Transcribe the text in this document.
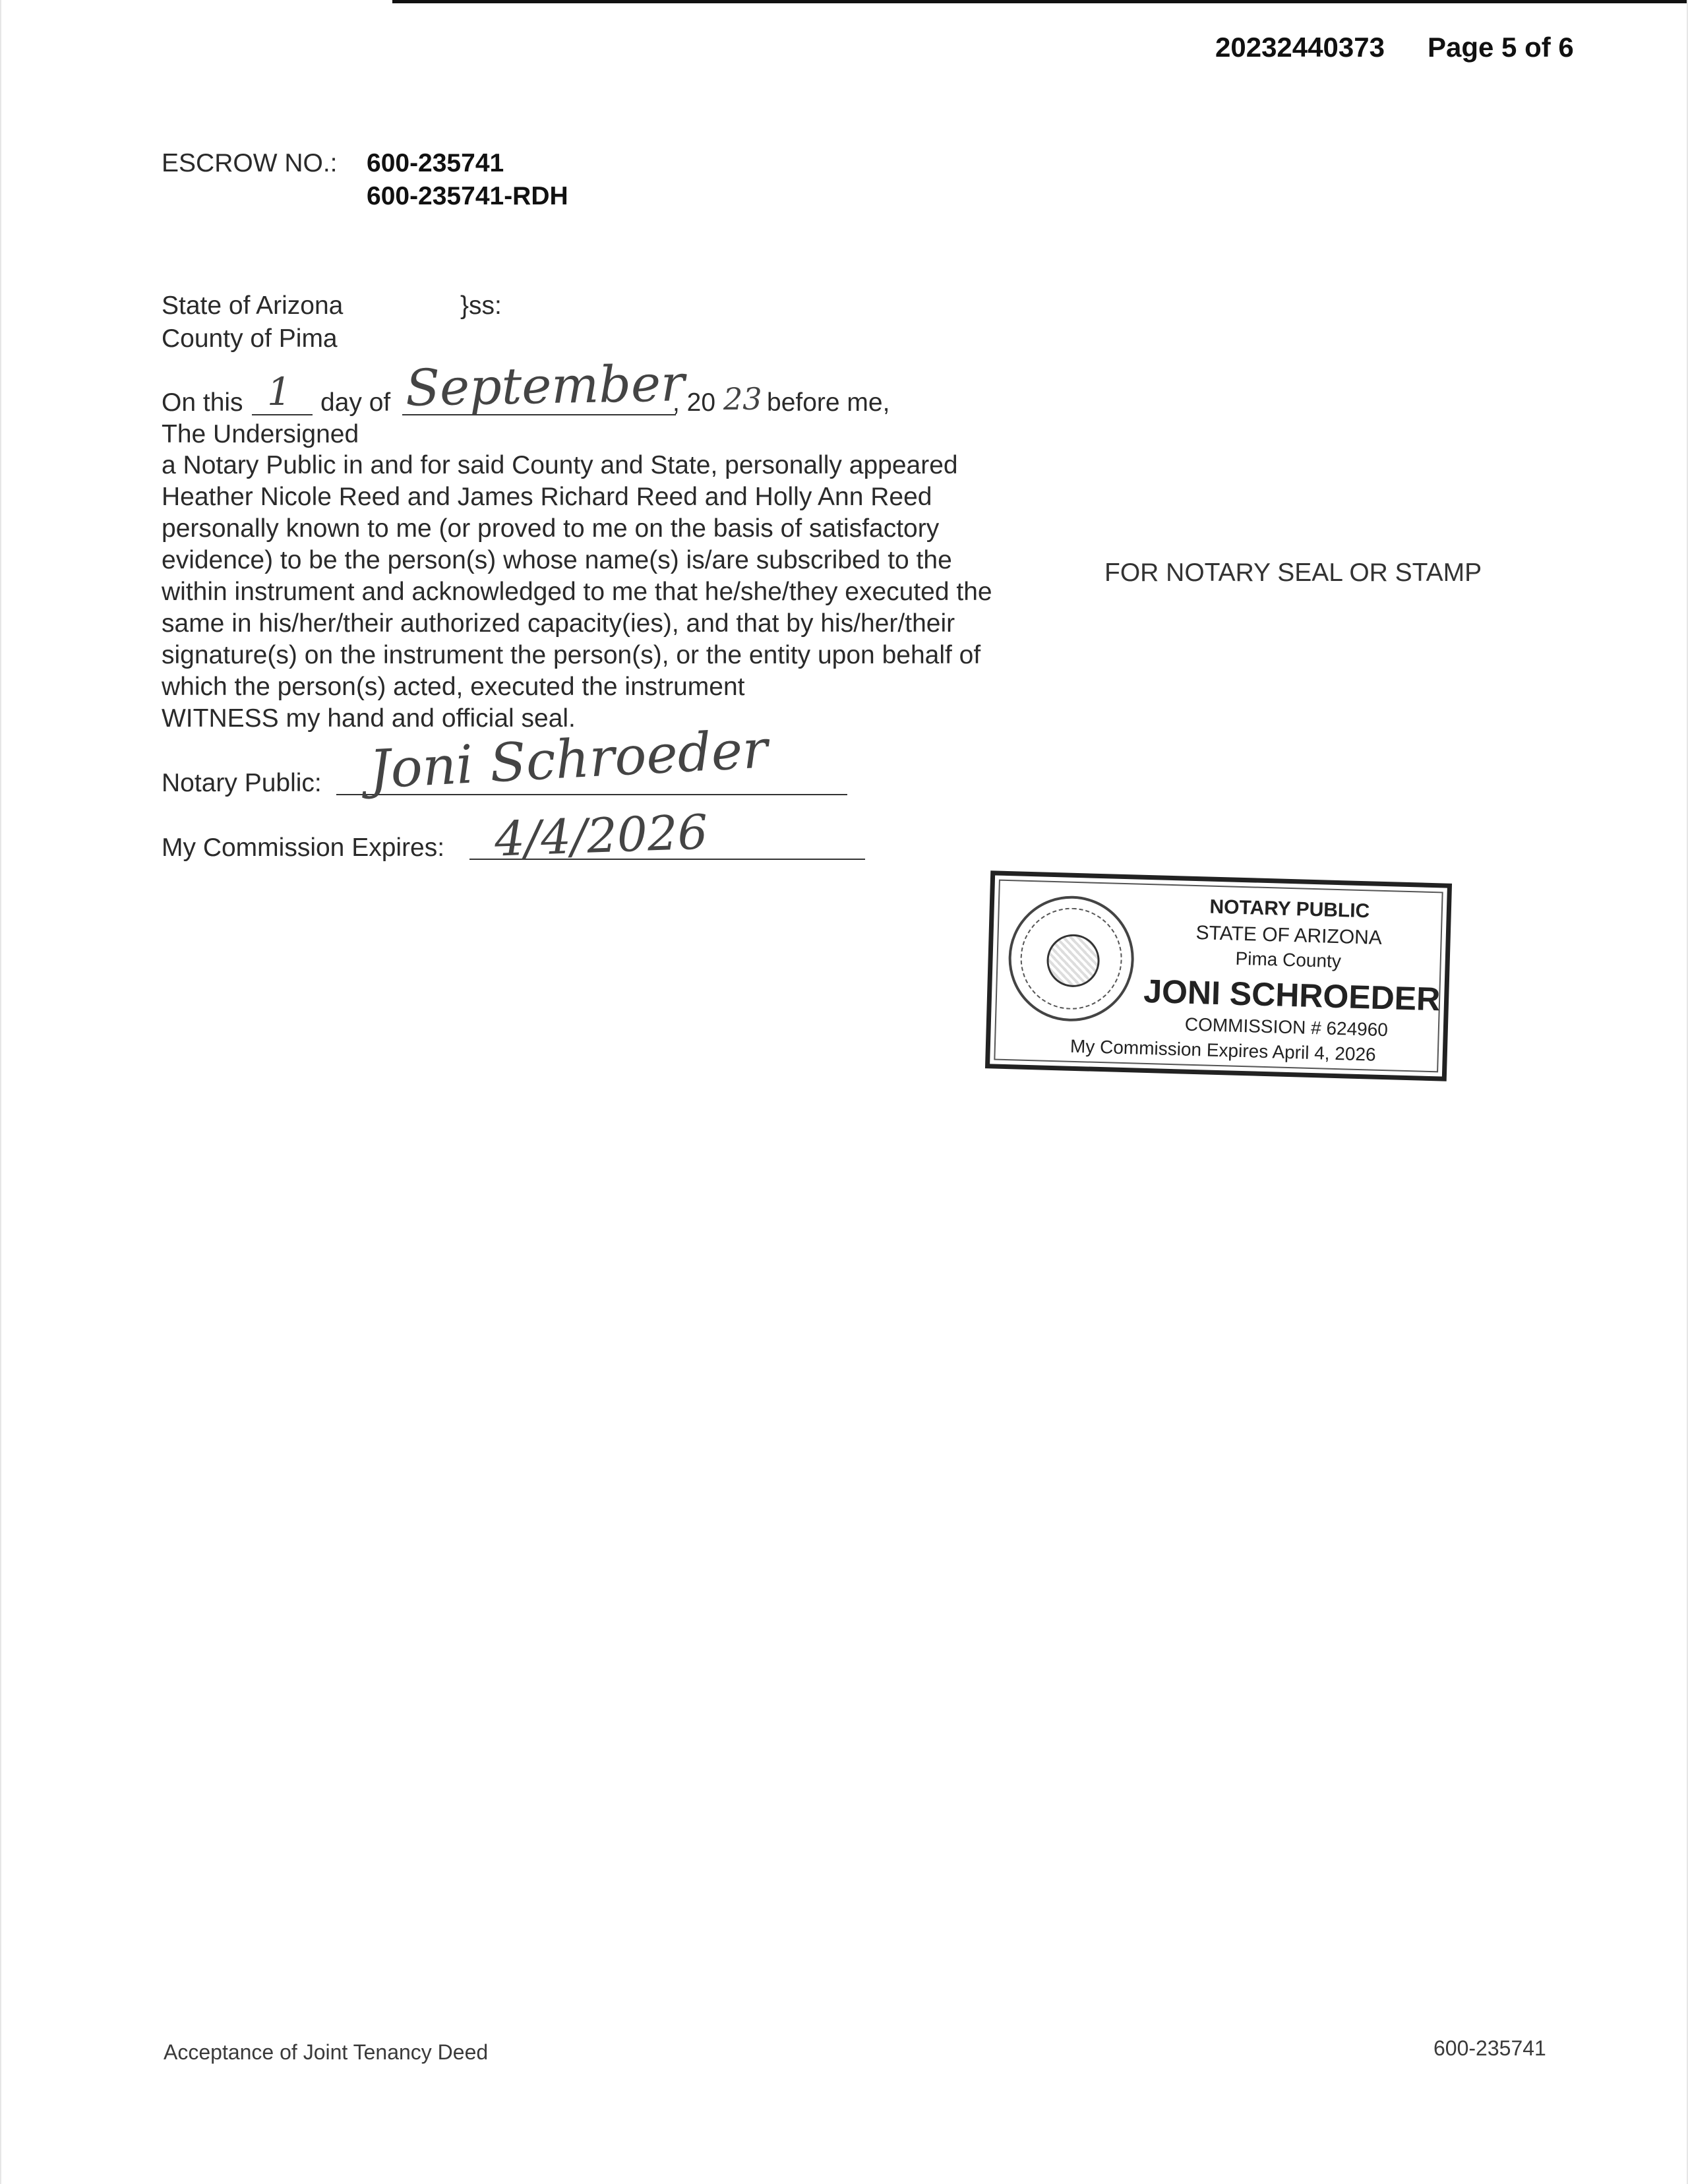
20232440373 Page 5 of 6
ESCROW NO.: 600-235741
600-235741-RDH
State of Arizona	}ss:
County of Pima
On this 1 day of September
, 20 23 before me,
The Undersigned
a Notary Public in and for said County and State, personally appeared
Heather Nicole Reed and James Richard Reed and Holly Ann Reed
personally known to me (or proved to me on the basis of satisfactory
evidence) to be the person(s) whose name(s) is/are subscribed to the
within instrument and acknowledged to me that he/she/they executed the
same in his/her/their authorized capacity(ies), and that by his/her/their
signature(s) on the instrument the person(s), or the entity upon behalf of
which the person(s) acted, executed the instrument
WITNESS my hand and official seal.
Notary Public: Joni Schroeder
My Commission Expires: 4/4/2026
FOR NOTARY SEAL OR STAMP
NOTARY PUBLIC
STATE OF ARIZONA
Pima County
JONI SCHROEDER
COMMISSION # 624960
My Commission Expires April 4, 2026
Acceptance of Joint Tenancy Deed	600-235741
